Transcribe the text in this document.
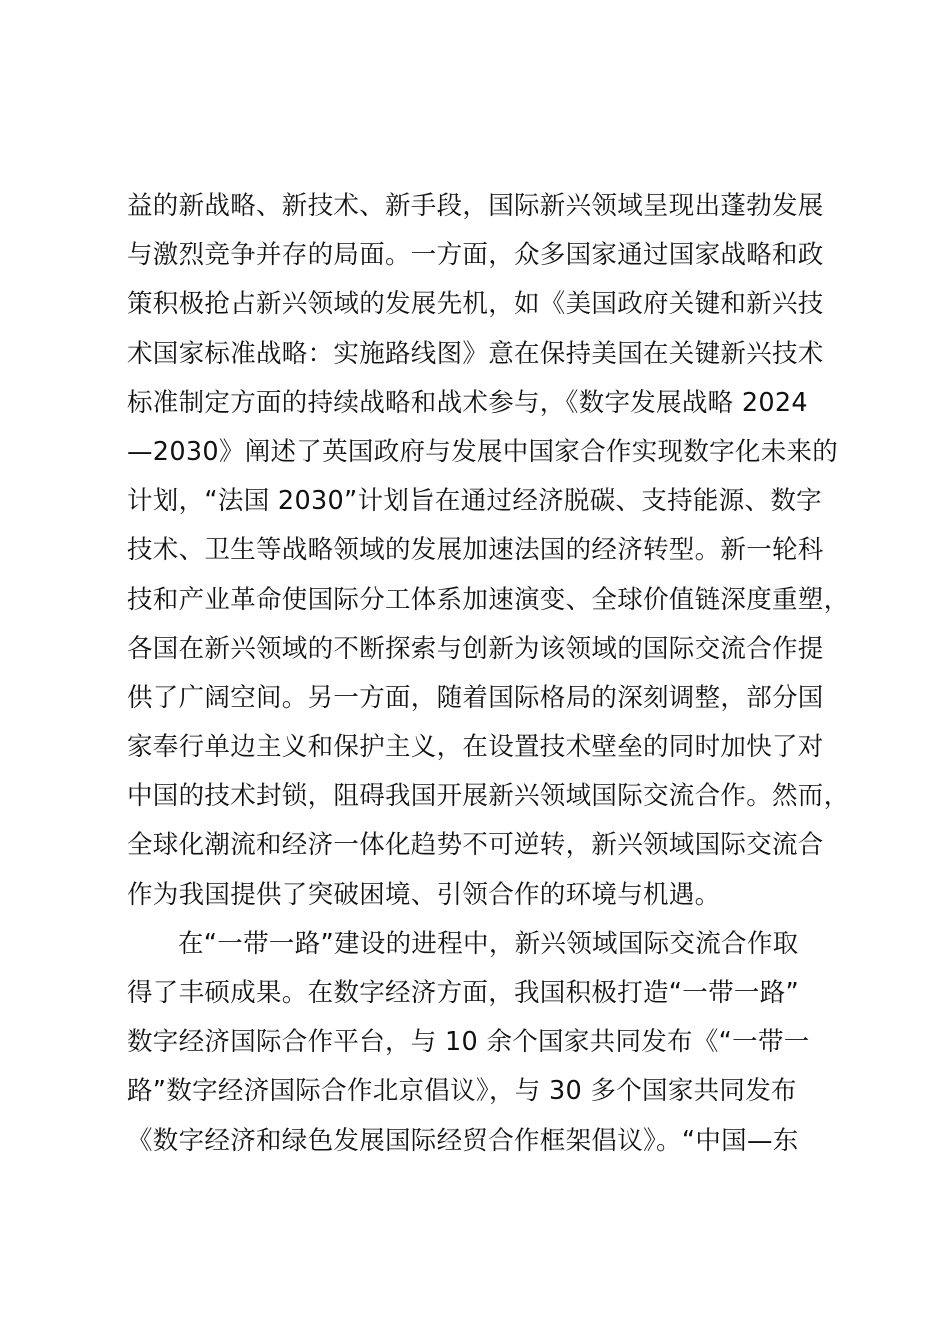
益的新战略、新技术、新手段，国际新兴领域呈现出蓬勃发展
与激烈竞争并存的局面。一方面，众多国家通过国家战略和政
策积极抢占新兴领域的发展先机，如《美国政府关键和新兴技
术国家标准战略：实施路线图》意在保持美国在关键新兴技术
标准制定方面的持续战略和战术参与，《数字发展战略 2024
—2030》阐述了英国政府与发展中国家合作实现数字化未来的
计划，“法国 2030”计划旨在通过经济脱碳、支持能源、数字
技术、卫生等战略领域的发展加速法国的经济转型。新一轮科
技和产业革命使国际分工体系加速演变、全球价值链深度重塑，
各国在新兴领域的不断探索与创新为该领域的国际交流合作提
供了广阔空间。另一方面，随着国际格局的深刻调整，部分国
家奉行单边主义和保护主义，在设置技术壁垒的同时加快了对
中国的技术封锁，阻碍我国开展新兴领域国际交流合作。然而，
全球化潮流和经济一体化趋势不可逆转，新兴领域国际交流合
作为我国提供了突破困境、引领合作的环境与机遇。
在“一带一路”建设的进程中，新兴领域国际交流合作取
得了丰硕成果。在数字经济方面，我国积极打造“一带一路”
数字经济国际合作平台，与 10 余个国家共同发布《“一带一
路”数字经济国际合作北京倡议》，与 30 多个国家共同发布
《数字经济和绿色发展国际经贸合作框架倡议》。“中国—东
